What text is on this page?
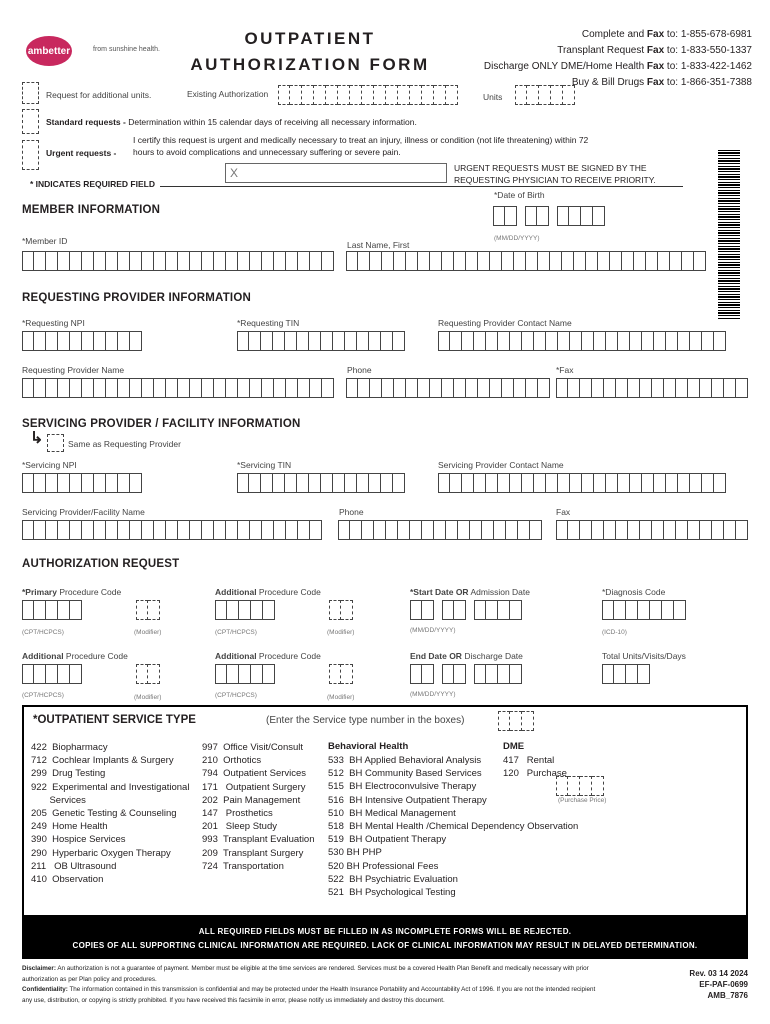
ambetter	from sunshine health.
OUTPATIENT
AUTHORIZATION FORM
Complete and Fax to: 1-855-678-6981
Transplant Request Fax to: 1-833-550-1337
Discharge ONLY DME/Home Health Fax to: 1-833-422-1462
Buy & Bill Drugs Fax to: 1-866-351-7388
Request for additional units.	Existing Authorization	Units
Standard requests - Determination within 15 calendar days of receiving all necessary information.
Urgent requests -
I certify this request is urgent and medically necessary to treat an injury, illness or condition (not life threatening) within 72
hours to avoid complications and unnecessary suffering or severe pain.
X	URGENT REQUESTS MUST BE SIGNED BY THE
REQUESTING PHYSICIAN TO RECEIVE PRIORITY.
* INDICATES REQUIRED FIELD
MEMBER INFORMATION
*Date of Birth
(MM/DD/YYYY)
*Member ID	Last Name, First
REQUESTING PROVIDER INFORMATION
*Requesting NPI	*Requesting TIN	Requesting Provider Contact Name
Requesting Provider Name	Phone	*Fax
SERVICING PROVIDER / FACILITY INFORMATION
↳	Same as Requesting Provider
*Servicing NPI	*Servicing TIN	Servicing Provider Contact Name
Servicing Provider/Facility Name	Phone	Fax
AUTHORIZATION REQUEST
*Primary Procedure Code
(CPT/HCPCS)	(Modifier)
Additional Procedure Code
(CPT/HCPCS)	(Modifier)
*Start Date OR Admission Date
(MM/DD/YYYY)
*Diagnosis Code
(ICD-10)
Additional Procedure Code
(CPT/HCPCS)	(Modifier)
Additional Procedure Code
(CPT/HCPCS)	(Modifier)
End Date OR Discharge Date
(MM/DD/YYYY)
Total Units/Visits/Days
*OUTPATIENT SERVICE TYPE	(Enter the Service type number in the boxes)
422  Biopharmacy
712  Cochlear Implants & Surgery
299  Drug Testing
922  Experimental and Investigational
Services
205  Genetic Testing & Counseling
249  Home Health
390  Hospice Services
290  Hyperbaric Oxygen Therapy
211   OB Ultrasound
410  Observation
997  Office Visit/Consult
210  Orthotics
794  Outpatient Services
171   Outpatient Surgery
202  Pain Management
147   Prosthetics
201   Sleep Study
993  Transplant Evaluation
209  Transplant Surgery
724  Transportation
Behavioral Health
533  BH Applied Behavioral Analysis
512  BH Community Based Services
515  BH Electroconvulsive Therapy
516  BH Intensive Outpatient Therapy
510  BH Medical Management
518  BH Mental Health /Chemical Dependency Observation
519  BH Outpatient Therapy
530 BH PHP
520 BH Professional Fees
522  BH Psychiatric Evaluation
521  BH Psychological Testing
DME
417   Rental
120   Purchase
(Purchase Price)
ALL REQUIRED FIELDS MUST BE FILLED IN AS INCOMPLETE FORMS WILL BE REJECTED.
COPIES OF ALL SUPPORTING CLINICAL INFORMATION ARE REQUIRED. LACK OF CLINICAL INFORMATION MAY RESULT IN DELAYED DETERMINATION.
Disclaimer: An authorization is not a guarantee of payment. Member must be eligible at the time services are rendered. Services must be a covered Health Plan Benefit and medically necessary with prior authorization as per Plan policy and procedures.
Confidentiality: The information contained in this transmission is confidential and may be protected under the Health Insurance Portability and Accountability Act of 1996. If you are not the intended recipient any use, distribution, or copying is strictly prohibited. If you have received this facsimile in error, please notify us immediately and destroy this document.
Rev. 03 14 2024
EF-PAF-0699
AMB_7876
